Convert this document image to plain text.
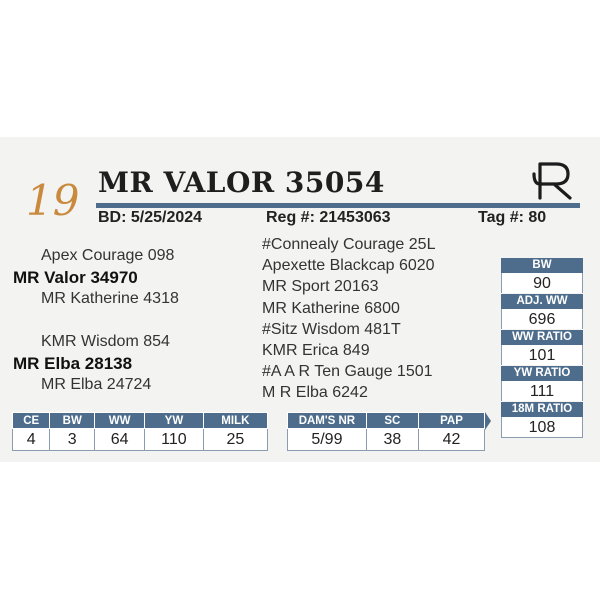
19 MR VALOR 35054
BD: 5/25/2024	Reg #: 21453063	Tag #: 80
Apex Courage 098
MR Valor 34970
MR Katherine 4318
KMR Wisdom 854
MR Elba 28138
MR Elba 24724
#Connealy Courage 25L
Apexette Blackcap 6020
MR Sport 20163
MR Katherine 6800
#Sitz Wisdom 481T
KMR Erica 849
#A A R Ten Gauge 1501
M R Elba 6242
BW
90
ADJ. WW
696
WW RATIO
101
YW RATIO
111
18M RATIO
108
CE	BW	WW	YW	MILK
4	3	64	110	25
DAM'S NR	SC	PAP
5/99	38	42
